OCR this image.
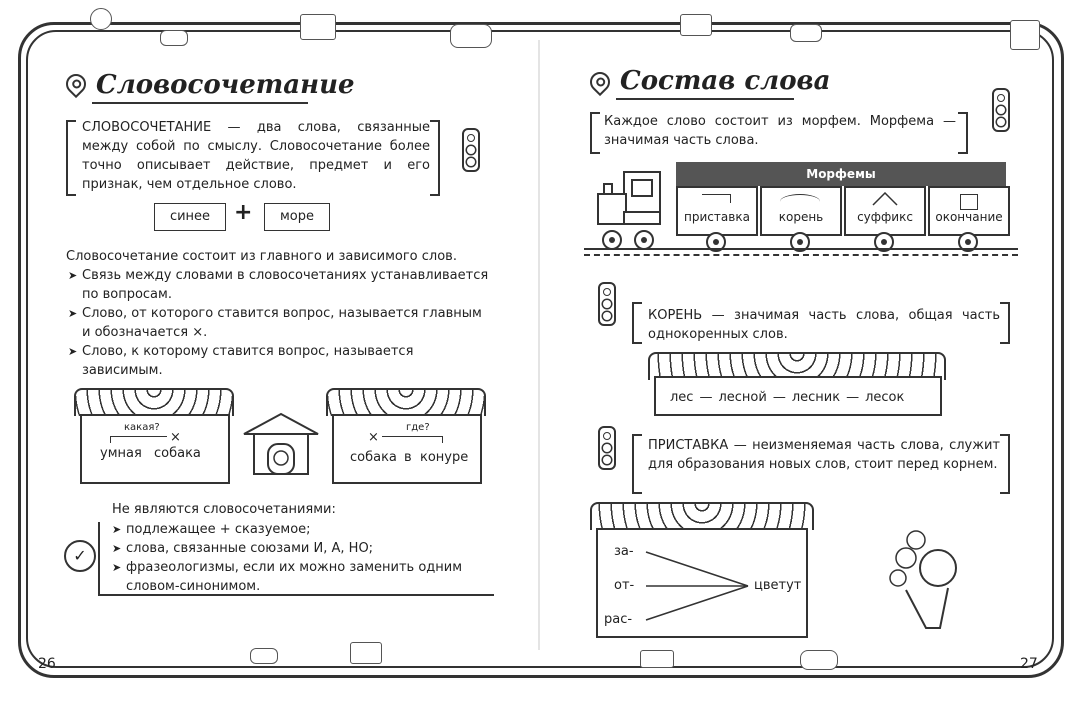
Словосочетание
СЛОВОСОЧЕТАНИЕ — два слова, связанные между собой по смыслу. Словосочетание более точно описывает действие, предмет и его признак, чем отдельное слово.
синее	+	море
Словосочетание состоит из главного и зависимого слов.
➤ Связь между словами в словосочетаниях устанавливается по вопросам.
➤ Слово, от которого ставится вопрос, называется главным и обозначается ×.
➤ Слово, к которому ставится вопрос, называется зависимым.
какая?
×
умная собака
где?
×
собака в конуре
Не являются словосочетаниями:
➤ подлежащее + сказуемое;
➤ слова, связанные союзами И, А, НО;
➤ фразеологизмы, если их можно заменить одним словом-синонимом.
✓
26
Состав слова
Каждое слово состоит из морфем. Морфема — значимая часть слова.
Морфемы
приставка	корень	суффикс	окончание
КОРЕНЬ — значимая часть слова, общая часть однокоренных слов.
лес — лесной — лесник — лесок
ПРИСТАВКА — неизменяемая часть слова, служит для образования новых слов, стоит перед корнем.
за-
от-
рас-
цветут
27
